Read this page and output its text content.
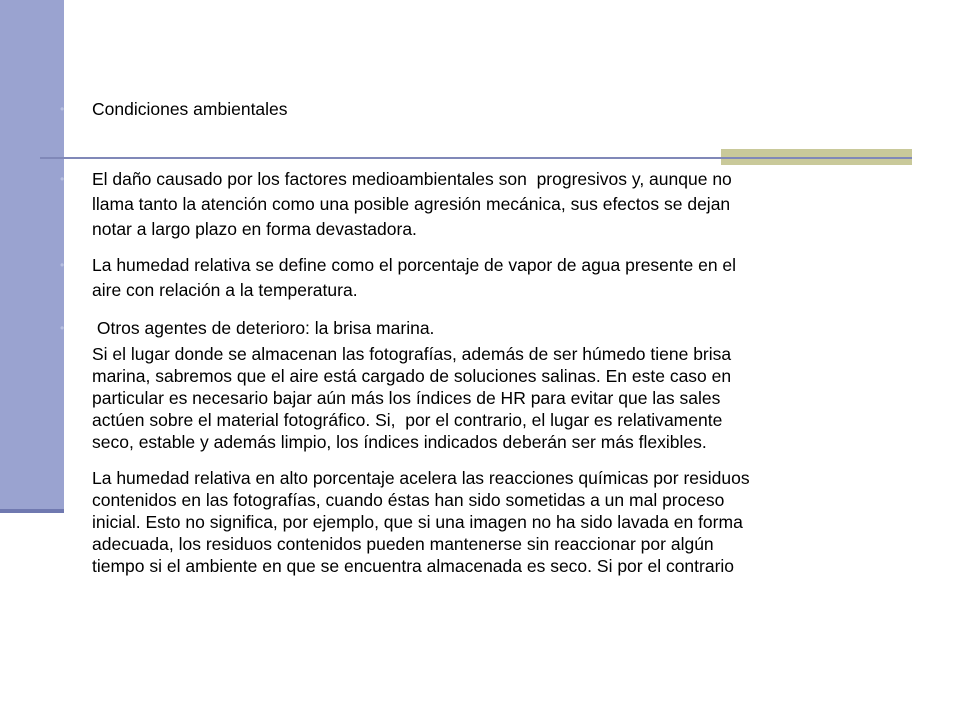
• Condiciones ambientales
• El daño causado por los factores medioambientales son  progresivos y, aunque no
llama tanto la atención como una posible agresión mecánica, sus efectos se dejan
notar a largo plazo en forma devastadora.
• La humedad relativa se define como el porcentaje de vapor de agua presente en el
aire con relación a la temperatura.
• Otros agentes de deterioro: la brisa marina.
Si el lugar donde se almacenan las fotografías, además de ser húmedo tiene brisa
marina, sabremos que el aire está cargado de soluciones salinas. En este caso en
particular es necesario bajar aún más los índices de HR para evitar que las sales
actúen sobre el material fotográfico. Si,  por el contrario, el lugar es relativamente
seco, estable y además limpio, los índices indicados deberán ser más flexibles.
La humedad relativa en alto porcentaje acelera las reacciones químicas por residuos
contenidos en las fotografías, cuando éstas han sido sometidas a un mal proceso
inicial. Esto no significa, por ejemplo, que si una imagen no ha sido lavada en forma
adecuada, los residuos contenidos pueden mantenerse sin reaccionar por algún
tiempo si el ambiente en que se encuentra almacenada es seco. Si por el contrario
